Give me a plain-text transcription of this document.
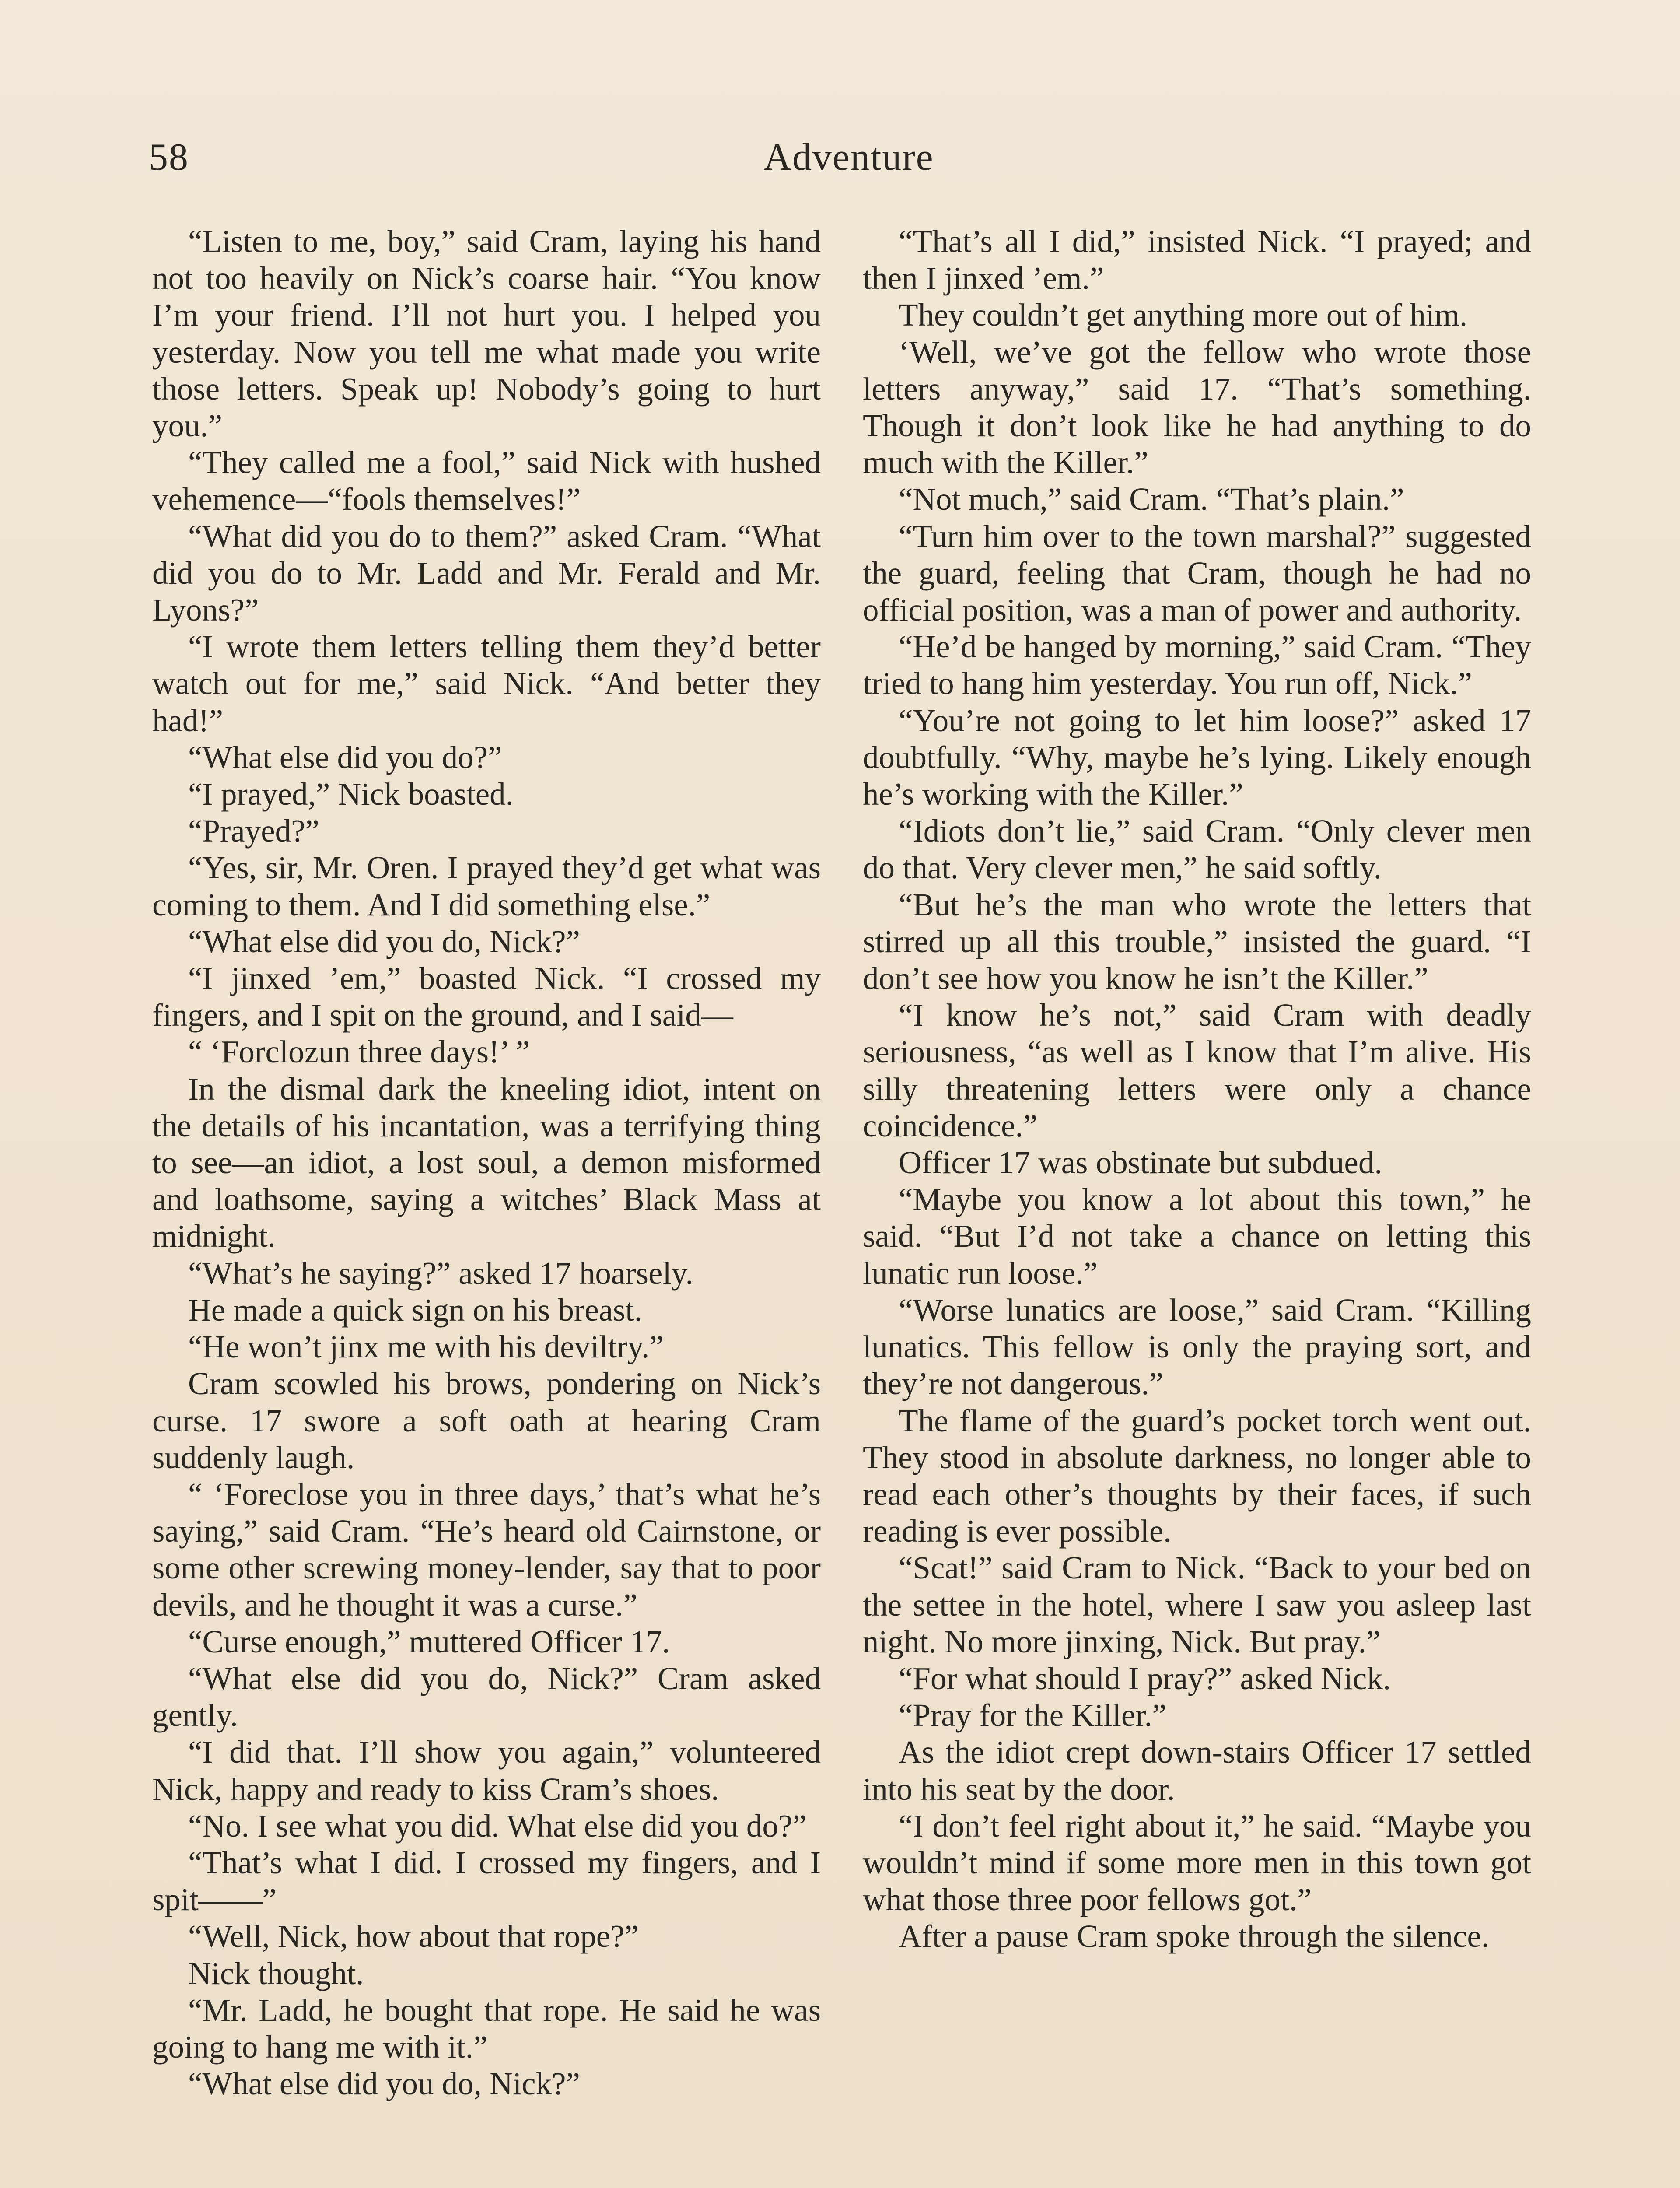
58	Adventure

“Listen to me, boy,” said Cram, laying his hand not too heavily on Nick’s coarse hair. “You know I’m your friend. I’ll not hurt you. I helped you yesterday. Now you tell me what made you write those letters. Speak up! Nobody’s going to hurt you.”

“They called me a fool,” said Nick with hushed vehemence—“fools themselves!”

“What did you do to them?” asked Cram. “What did you do to Mr. Ladd and Mr. Ferald and Mr. Lyons?”

“I wrote them letters telling them they’d better watch out for me,” said Nick. “And better they had!”

“What else did you do?”

“I prayed,” Nick boasted.

“Prayed?”

“Yes, sir, Mr. Oren. I prayed they’d get what was coming to them. And I did something else.”

“What else did you do, Nick?”

“I jinxed ’em,” boasted Nick. “I crossed my fingers, and I spit on the ground, and I said—

“ ‘Forclozun three days!’ ”

In the dismal dark the kneeling idiot, intent on the details of his incantation, was a terrifying thing to see—an idiot, a lost soul, a demon misformed and loathsome, saying a witches’ Black Mass at midnight.

“What’s he saying?” asked 17 hoarsely.

He made a quick sign on his breast.

“He won’t jinx me with his deviltry.”

Cram scowled his brows, pondering on Nick’s curse. 17 swore a soft oath at hearing Cram suddenly laugh.

“ ‘Foreclose you in three days,’ that’s what he’s saying,” said Cram. “He’s heard old Cairnstone, or some other screwing money-lender, say that to poor devils, and he thought it was a curse.”

“Curse enough,” muttered Officer 17.

“What else did you do, Nick?” Cram asked gently.

“I did that. I’ll show you again,” volunteered Nick, happy and ready to kiss Cram’s shoes.

“No. I see what you did. What else did you do?”

“That’s what I did. I crossed my fingers, and I spit——”

“Well, Nick, how about that rope?”

Nick thought.

“Mr. Ladd, he bought that rope. He said he was going to hang me with it.”

“What else did you do, Nick?”

“That’s all I did,” insisted Nick. “I prayed; and then I jinxed ’em.”

They couldn’t get anything more out of him.

‘Well, we’ve got the fellow who wrote those letters anyway,” said 17. “That’s something. Though it don’t look like he had anything to do much with the Killer.”

“Not much,” said Cram. “That’s plain.”

“Turn him over to the town marshal?” suggested the guard, feeling that Cram, though he had no official position, was a man of power and authority.

“He’d be hanged by morning,” said Cram. “They tried to hang him yesterday. You run off, Nick.”

“You’re not going to let him loose?” asked 17 doubtfully. “Why, maybe he’s lying. Likely enough he’s working with the Killer.”

“Idiots don’t lie,” said Cram. “Only clever men do that. Very clever men,” he said softly.

“But he’s the man who wrote the letters that stirred up all this trouble,” insisted the guard. “I don’t see how you know he isn’t the Killer.”

“I know he’s not,” said Cram with deadly seriousness, “as well as I know that I’m alive. His silly threatening letters were only a chance coincidence.”

Officer 17 was obstinate but subdued.

“Maybe you know a lot about this town,” he said. “But I’d not take a chance on letting this lunatic run loose.”

“Worse lunatics are loose,” said Cram. “Killing lunatics. This fellow is only the praying sort, and they’re not dangerous.”

The flame of the guard’s pocket torch went out. They stood in absolute darkness, no longer able to read each other’s thoughts by their faces, if such reading is ever possible.

“Scat!” said Cram to Nick. “Back to your bed on the settee in the hotel, where I saw you asleep last night. No more jinxing, Nick. But pray.”

“For what should I pray?” asked Nick.

“Pray for the Killer.”

As the idiot crept down-stairs Officer 17 settled into his seat by the door.

“I don’t feel right about it,” he said. “Maybe you wouldn’t mind if some more men in this town got what those three poor fellows got.”

After a pause Cram spoke through the silence.
